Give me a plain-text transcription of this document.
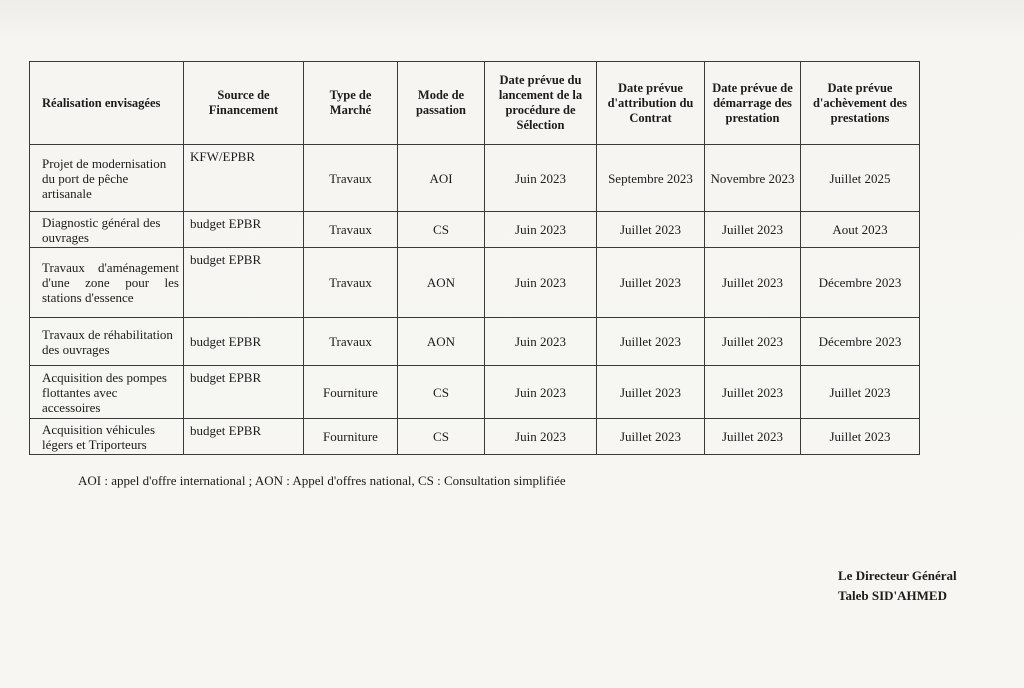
Réalisation envisagées	Source de Financement	Type de Marché	Mode de passation	Date prévue du lancement de la procédure de Sélection	Date prévue d'attribution du Contrat	Date prévue de démarrage des prestation	Date prévue d'achèvement des prestations
Projet de modernisation du port de pêche artisanale	KFW/EPBR	Travaux	AOI	Juin 2023	Septembre 2023	Novembre 2023	Juillet 2025
Diagnostic général des ouvrages	budget EPBR	Travaux	CS	Juin 2023	Juillet 2023	Juillet 2023	Aout 2023
Travaux d'aménagement d'une zone pour les stations d'essence	budget EPBR	Travaux	AON	Juin 2023	Juillet 2023	Juillet 2023	Décembre 2023
Travaux de réhabilitation des ouvrages	budget EPBR	Travaux	AON	Juin 2023	Juillet 2023	Juillet 2023	Décembre 2023
Acquisition des pompes flottantes avec accessoires	budget EPBR	Fourniture	CS	Juin 2023	Juillet 2023	Juillet 2023	Juillet 2023
Acquisition véhicules légers et Triporteurs	budget EPBR	Fourniture	CS	Juin 2023	Juillet 2023	Juillet 2023	Juillet 2023
AOI : appel d'offre international ; AON : Appel d'offres national, CS : Consultation simplifiée
Le Directeur Général
Taleb SID'AHMED
